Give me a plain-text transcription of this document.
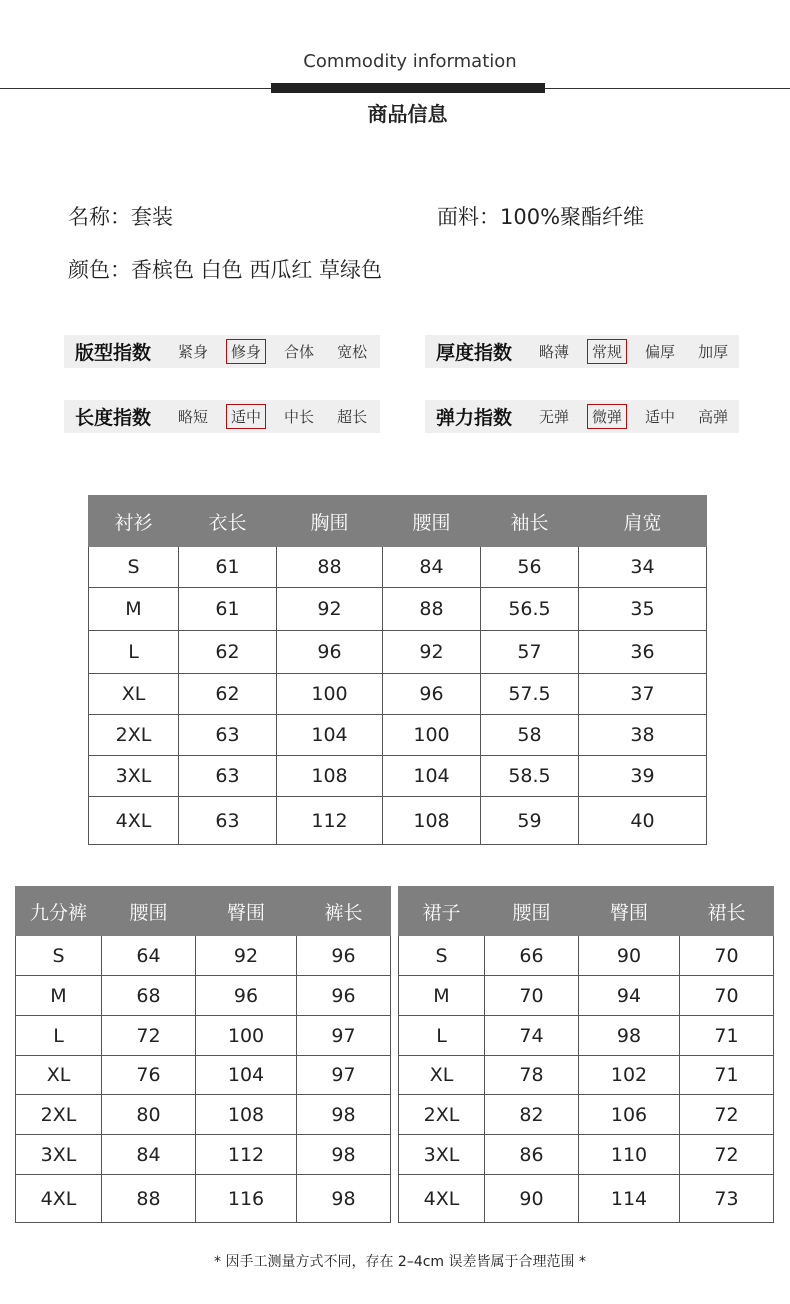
Commodity information
商品信息
名称：套装	面料：100%聚酯纤维
颜色：香槟色 白色 西瓜红 草绿色
版型指数	紧身	修身	合体	宽松	厚度指数	略薄	常规	偏厚	加厚
长度指数	略短	适中	中长	超长	弹力指数	无弹	微弹	适中	高弹
衬衫	衣长	胸围	腰围	袖长	肩宽
S	61	88	84	56	34
M	61	92	88	56.5	35
L	62	96	92	57	36
XL	62	100	96	57.5	37
2XL	63	104	100	58	38
3XL	63	108	104	58.5	39
4XL	63	112	108	59	40
九分裤	腰围	臀围	裤长
S	64	92	96
M	68	96	96
L	72	100	97
XL	76	104	97
2XL	80	108	98
3XL	84	112	98
4XL	88	116	98
裙子	腰围	臀围	裙长
S	66	90	70
M	70	94	70
L	74	98	71
XL	78	102	71
2XL	82	106	72
3XL	86	110	72
4XL	90	114	73
* 因手工测量方式不同，存在 2–4cm 误差皆属于合理范围 *
